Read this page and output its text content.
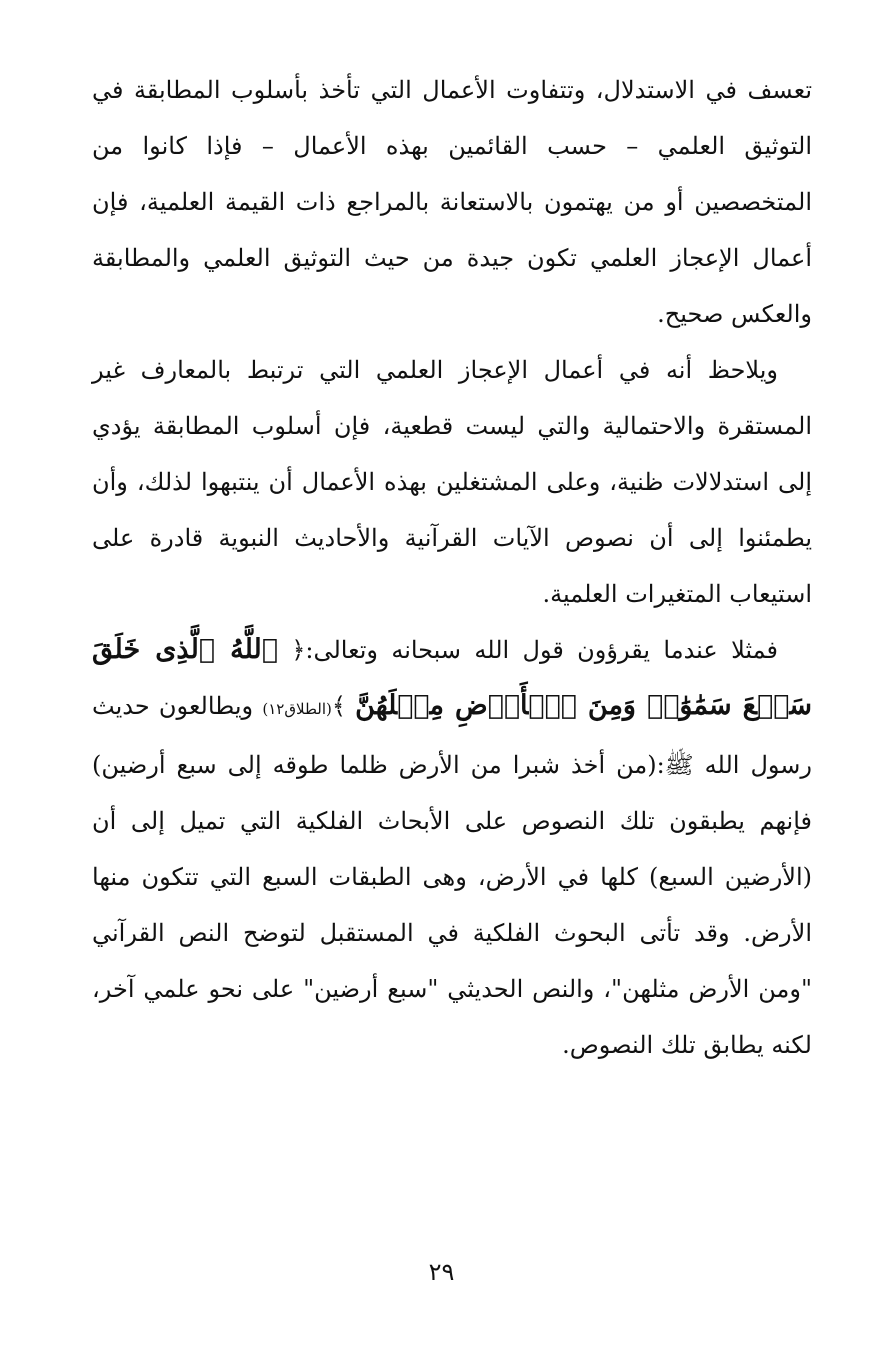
تعسف في الاستدلال، وتتفاوت الأعمال التي تأخذ بأسلوب المطابقة في التوثيق العلمي – حسب القائمين بهذه الأعمال – فإذا كانوا من المتخصصين أو من يهتمون بالاستعانة بالمراجع ذات القيمة العلمية، فإن أعمال الإعجاز العلمي تكون جيدة من حيث التوثيق العلمي والمطابقة والعكس صحيح.

ويلاحظ أنه في أعمال الإعجاز العلمي التي ترتبط بالمعارف غير المستقرة والاحتمالية والتي ليست قطعية، فإن أسلوب المطابقة يؤدي إلى استدلالات ظنية، وعلى المشتغلين بهذه الأعمال أن ينتبهوا لذلك، وأن يطمئنوا إلى أن نصوص الآيات القرآنية والأحاديث النبوية قادرة على استيعاب المتغيرات العلمية.

فمثلا عندما يقرؤون قول الله سبحانه وتعالى:﴿ ٱللَّهُ ٱلَّذِى خَلَقَ سَبۡعَ سَمَٰوَٰتٖ وَمِنَ ٱلۡأَرۡضِ مِثۡلَهُنَّ ﴾(الطلاق١٢) ويطالعون حديث رسول الله ﷺ:(من أخذ شبرا من الأرض ظلما طوقه إلى سبع أرضين) فإنهم يطبقون تلك النصوص على الأبحاث الفلكية التي تميل إلى أن (الأرضين السبع) كلها في الأرض، وهى الطبقات السبع التي تتكون منها الأرض. وقد تأتى البحوث الفلكية في المستقبل لتوضح النص القرآني "ومن الأرض مثلهن"، والنص الحديثي "سبع أرضين" على نحو علمي آخر، لكنه يطابق تلك النصوص.

٢٩
